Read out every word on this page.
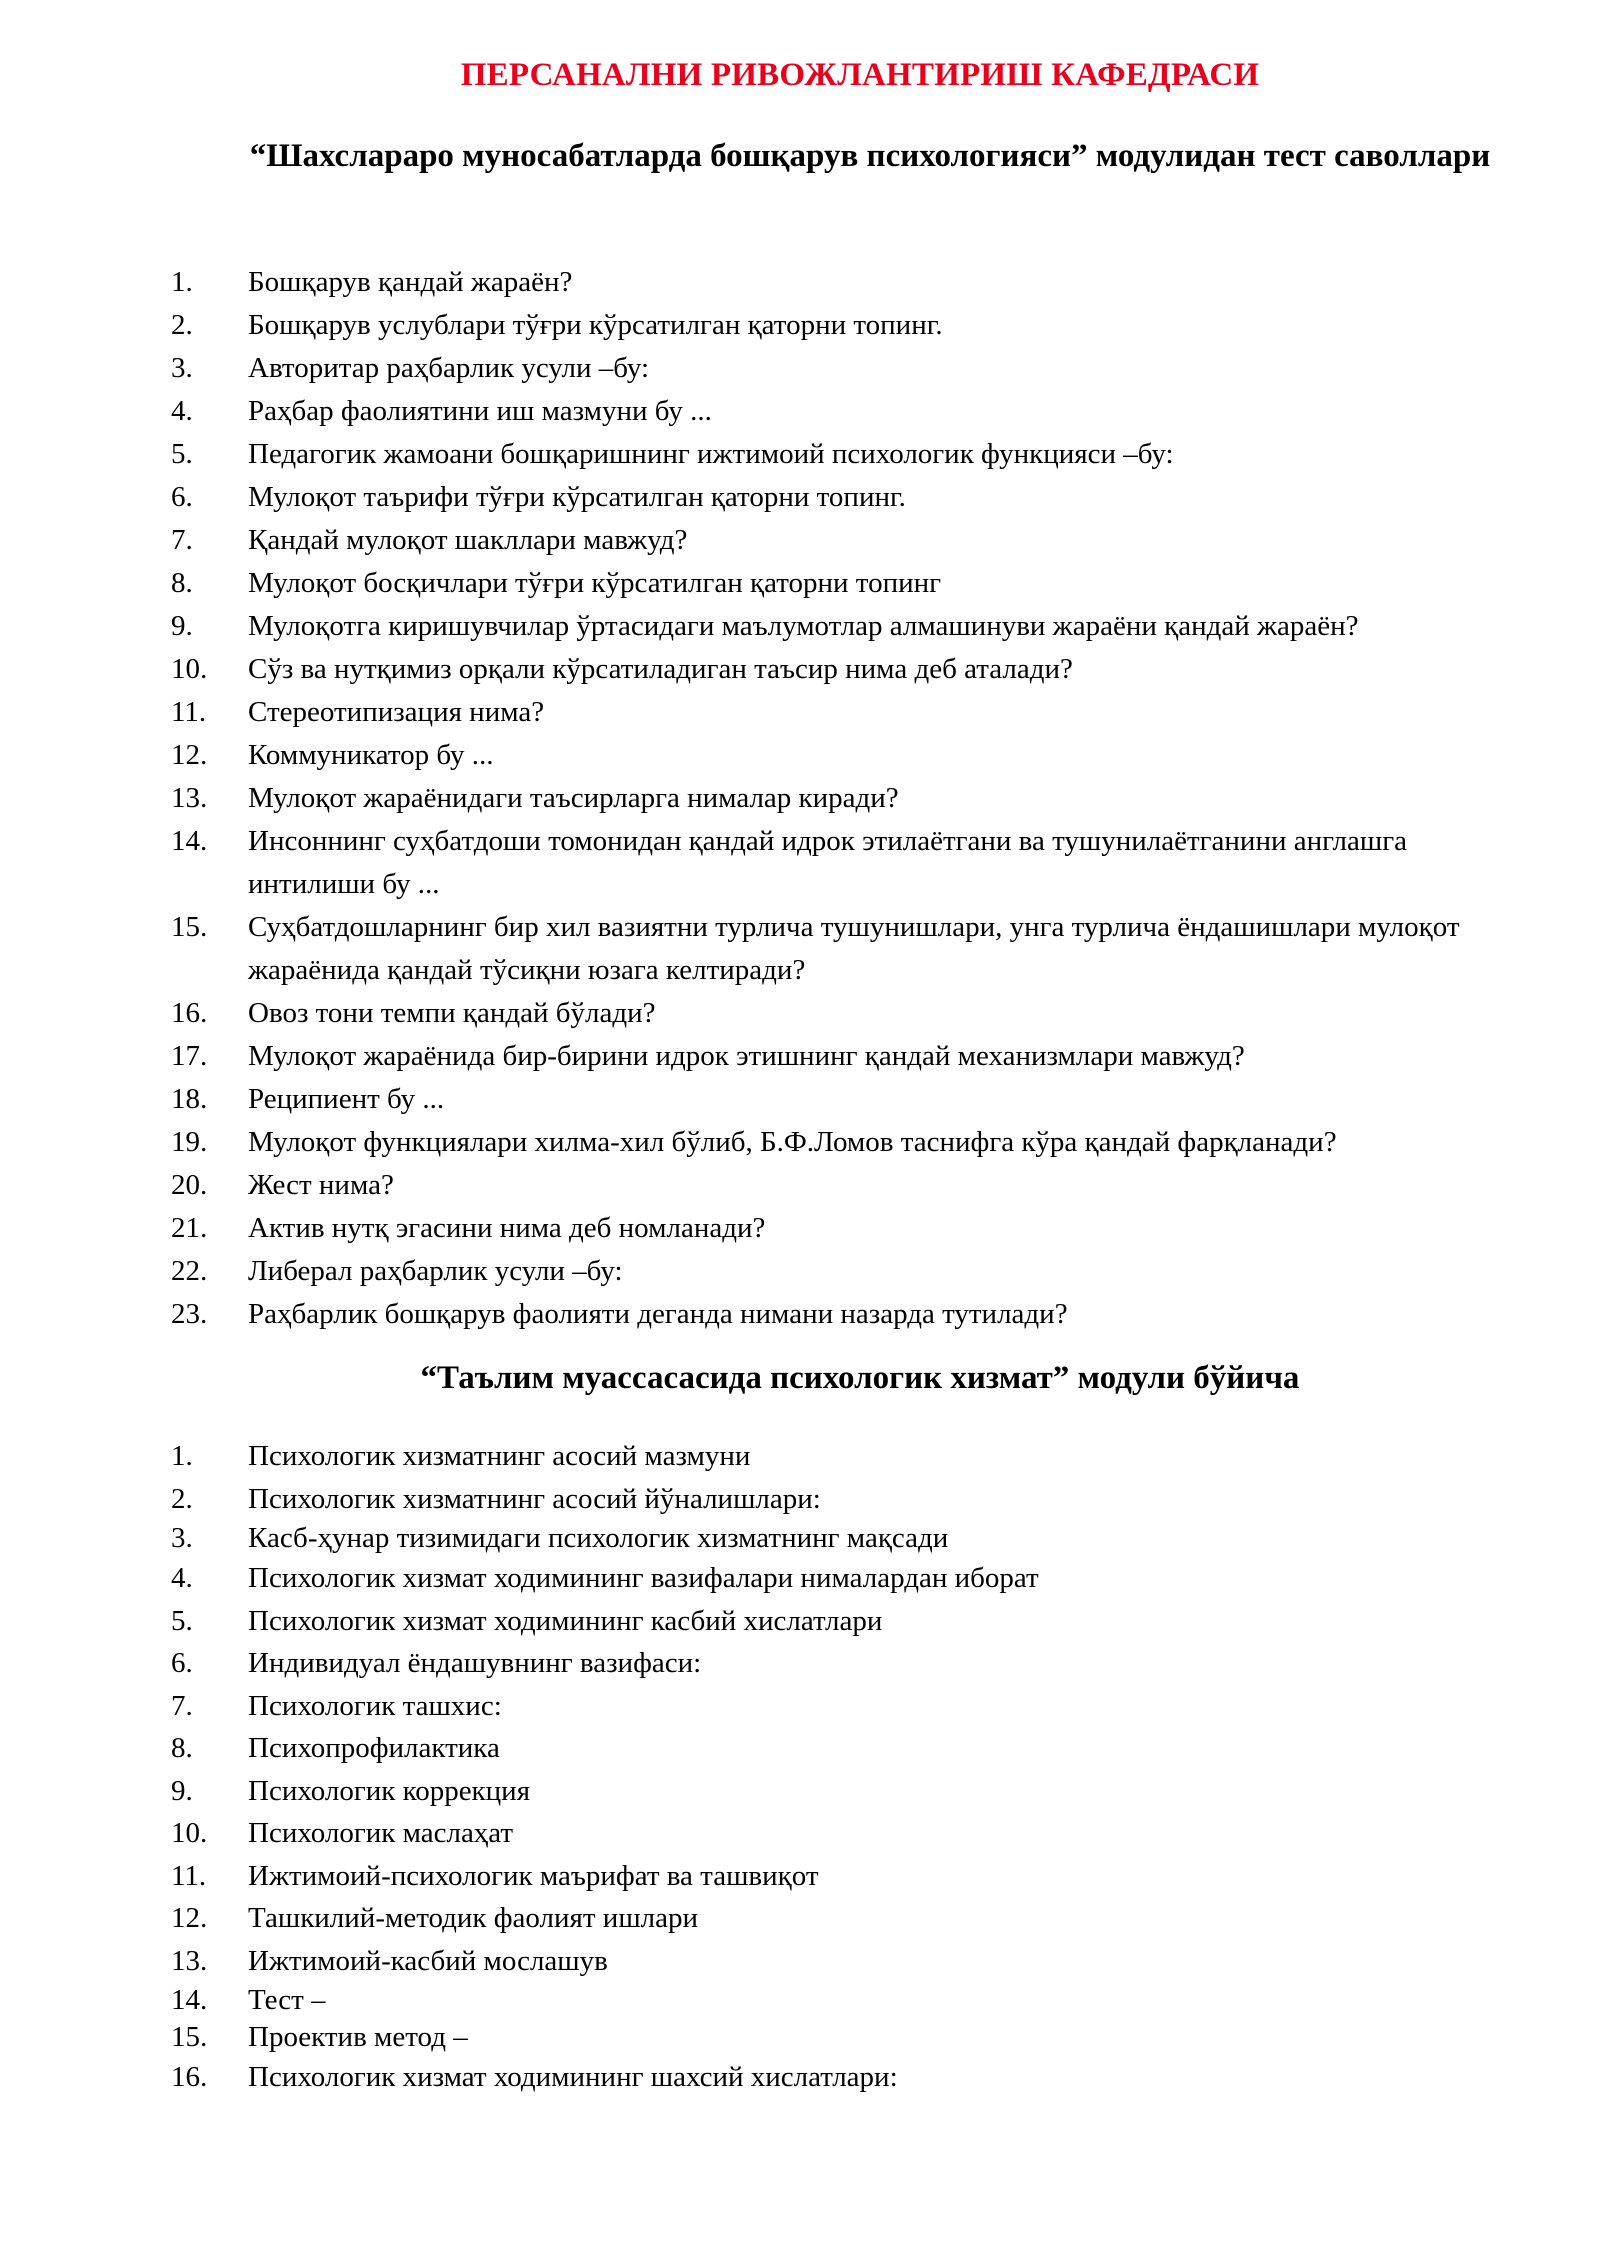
ПЕРСАНАЛНИ РИВОЖЛАНТИРИШ КАФЕДРАСИ
“Шахслараро муносабатларда бошқарув психологияси” модулидан тест саволлари
1. Бошқарув қандай жараён?
2. Бошқарув услублари тўғри кўрсатилган қаторни топинг.
3. Авторитар раҳбарлик усули –бу:
4. Раҳбар фаолиятини иш мазмуни бу ...
5. Педагогик жамоани бошқаришнинг ижтимоий психологик функцияси –бу:
6. Мулоқот таърифи тўғри кўрсатилган қаторни топинг.
7. Қандай мулоқот шакллари мавжуд?
8. Мулоқот босқичлари тўғри кўрсатилган қаторни топинг
9. Мулоқотга киришувчилар ўртасидаги маълумотлар алмашинуви жараёни қандай жараён?
10. Сўз ва нутқимиз орқали кўрсатиладиган таъсир нима деб аталади?
11. Стереотипизация нима?
12. Коммуникатор бу ...
13. Мулоқот жараёнидаги таъсирларга нималар киради?
14. Инсоннинг суҳбатдоши томонидан қандай идрок этилаётгани ва тушунилаётганини англашга интилиши бу ...
15. Суҳбатдошларнинг бир хил вазиятни турлича тушунишлари, унга турлича ёндашишлари мулоқот жараёнида қандай тўсиқни юзага келтиради?
16. Овоз тони темпи қандай бўлади?
17. Мулоқот жараёнида бир-бирини идрок этишнинг қандай механизмлари мавжуд?
18. Реципиент бу ...
19. Мулоқот функциялари хилма-хил бўлиб, Б.Ф.Ломов таснифга кўра қандай фарқланади?
20. Жест нима?
21. Актив нутқ эгасини нима деб номланади?
22. Либерал раҳбарлик усули –бу:
23. Раҳбарлик бошқарув фаолияти деганда нимани назарда тутилади?
“Таълим муассасасида психологик хизмат” модули бўйича
1. Психологик хизматнинг асосий мазмуни
2. Психологик хизматнинг асосий йўналишлари:
3. Касб-ҳунар тизимидаги психологик хизматнинг мақсади
4. Психологик хизмат ходимининг вазифалари нималардан иборат
5. Психологик хизмат ходимининг касбий хислатлари
6. Индивидуал ёндашувнинг вазифаси:
7. Психологик ташхис:
8. Психопрофилактика
9. Психологик коррекция
10. Психологик маслаҳат
11. Ижтимоий-психологик маърифат ва ташвиқот
12. Ташкилий-методик фаолият ишлари
13. Ижтимоий-касбий мослашув
14. Тест –
15. Проектив метод –
16. Психологик хизмат ходимининг шахсий хислатлари:
